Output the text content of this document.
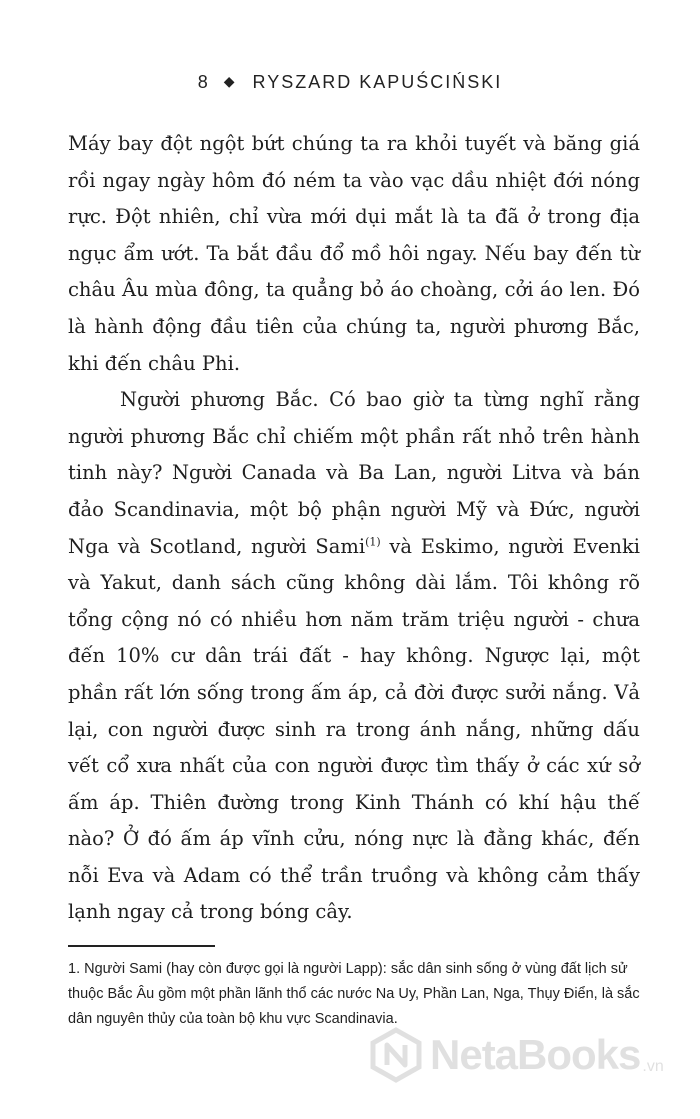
8 ◆ RYSZARD KAPUŚCIŃSKI

Máy bay đột ngột bứt chúng ta ra khỏi tuyết và băng giá rồi ngay ngày hôm đó ném ta vào vạc dầu nhiệt đới nóng rực. Đột nhiên, chỉ vừa mới dụi mắt là ta đã ở trong địa ngục ẩm ướt. Ta bắt đầu đổ mồ hôi ngay. Nếu bay đến từ châu Âu mùa đông, ta quẳng bỏ áo choàng, cởi áo len. Đó là hành động đầu tiên của chúng ta, người phương Bắc, khi đến châu Phi.

Người phương Bắc. Có bao giờ ta từng nghĩ rằng người phương Bắc chỉ chiếm một phần rất nhỏ trên hành tinh này? Người Canada và Ba Lan, người Litva và bán đảo Scandinavia, một bộ phận người Mỹ và Đức, người Nga và Scotland, người Sami$^{(1)}$ và Eskimo, người Evenki và Yakut, danh sách cũng không dài lắm. Tôi không rõ tổng cộng nó có nhiều hơn năm trăm triệu người - chưa đến 10% cư dân trái đất - hay không. Ngược lại, một phần rất lớn sống trong ấm áp, cả đời được sưởi nắng. Vả lại, con người được sinh ra trong ánh nắng, những dấu vết cổ xưa nhất của con người được tìm thấy ở các xứ sở ấm áp. Thiên đường trong Kinh Thánh có khí hậu thế nào? Ở đó ấm áp vĩnh cửu, nóng nực là đằng khác, đến nỗi Eva và Adam có thể trần truồng và không cảm thấy lạnh ngay cả trong bóng cây.

1. Người Sami (hay còn được gọi là người Lapp): sắc dân sinh sống ở vùng đất lịch sử thuộc Bắc Âu gồm một phần lãnh thổ các nước Na Uy, Phần Lan, Nga, Thụy Điển, là sắc dân nguyên thủy của toàn bộ khu vực Scandinavia.
NetaBooks .vn
